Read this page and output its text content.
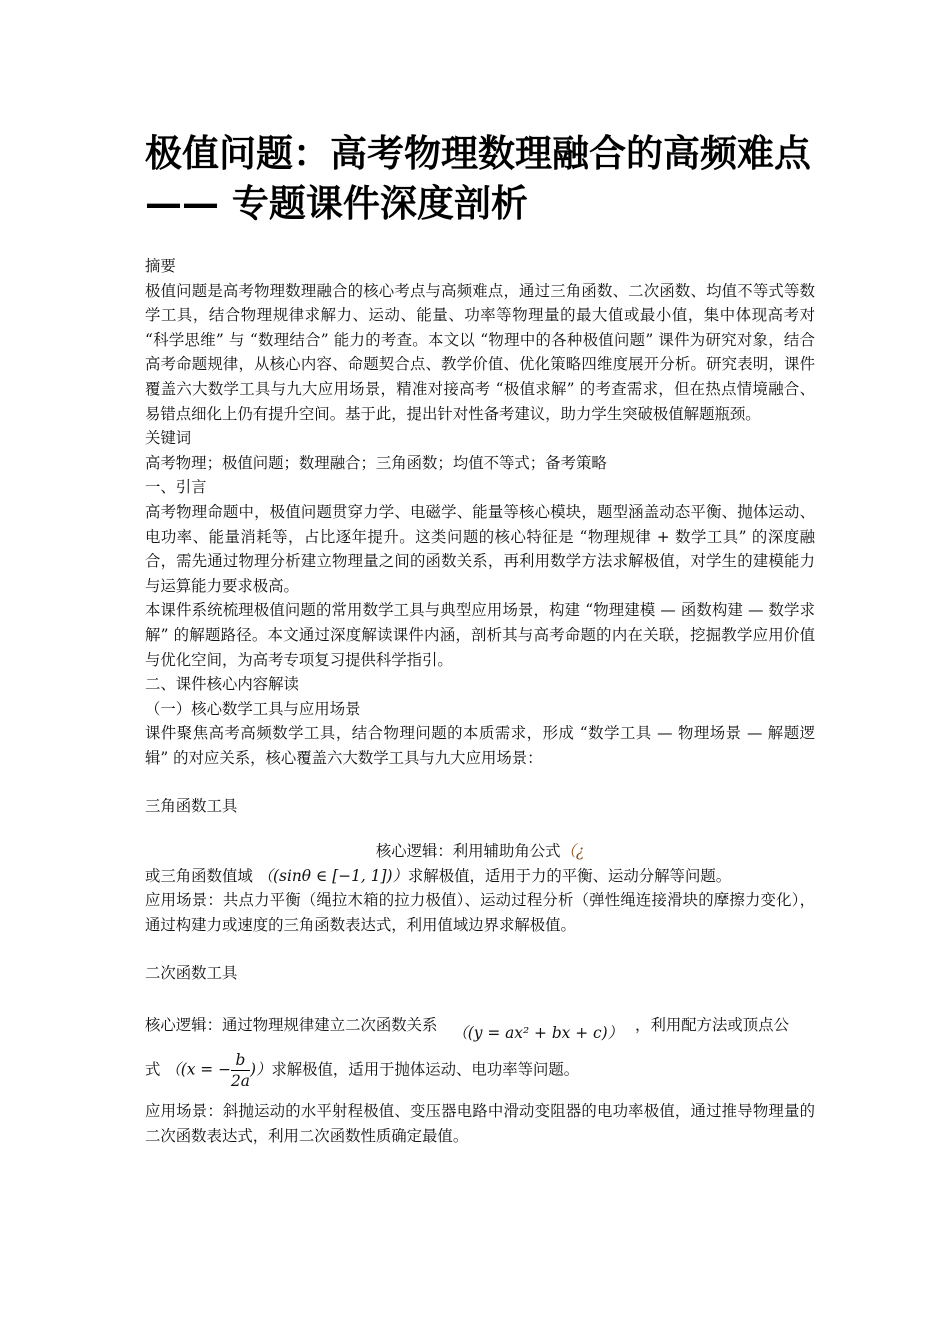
极值问题：高考物理数理融合的高频难点 —— 专题课件深度剖析

摘要

极值问题是高考物理数理融合的核心考点与高频难点，通过三角函数、二次函数、均值不等式等数学工具，结合物理规律求解力、运动、能量、功率等物理量的最大值或最小值，集中体现高考对 “科学思维” 与 “数理结合” 能力的考查。本文以 “物理中的各种极值问题” 课件为研究对象，结合高考命题规律，从核心内容、命题契合点、教学价值、优化策略四维度展开分析。研究表明，课件覆盖六大数学工具与九大应用场景，精准对接高考 “极值求解” 的考查需求，但在热点情境融合、易错点细化上仍有提升空间。基于此，提出针对性备考建议，助力学生突破极值解题瓶颈。

关键词

高考物理；极值问题；数理融合；三角函数；均值不等式；备考策略

一、引言

高考物理命题中，极值问题贯穿力学、电磁学、能量等核心模块，题型涵盖动态平衡、抛体运动、电功率、能量消耗等，占比逐年提升。这类问题的核心特征是 “物理规律 + 数学工具” 的深度融合，需先通过物理分析建立物理量之间的函数关系，再利用数学方法求解极值，对学生的建模能力与运算能力要求极高。

本课件系统梳理极值问题的常用数学工具与典型应用场景，构建 “物理建模 — 函数构建 — 数学求解” 的解题路径。本文通过深度解读课件内涵，剖析其与高考命题的内在关联，挖掘教学应用价值与优化空间，为高考专项复习提供科学指引。

二、课件核心内容解读

（一）核心数学工具与应用场景

课件聚焦高考高频数学工具，结合物理问题的本质需求，形成 “数学工具 — 物理场景 — 解题逻辑” 的对应关系，核心覆盖六大数学工具与九大应用场景：

三角函数工具

核心逻辑：利用辅助角公式（¿

或三角函数值域 （(sinθ ∈ [−1, 1])）求解极值，适用于力的平衡、运动分解等问题。

应用场景：共点力平衡（绳拉木箱的拉力极值）、运动过程分析（弹性绳连接滑块的摩擦力变化），通过构建力或速度的三角函数表达式，利用值域边界求解极值。

二次函数工具

核心逻辑：通过物理规律建立二次函数关系 （(y = ax² + bx + c)） ，利用配方法或顶点公

式 （(x = − $\frac{b}{2a}$ )）求解极值，适用于抛体运动、电功率等问题。

应用场景：斜抛运动的水平射程极值、变压器电路中滑动变阻器的电功率极值，通过推导物理量的二次函数表达式，利用二次函数性质确定最值。
